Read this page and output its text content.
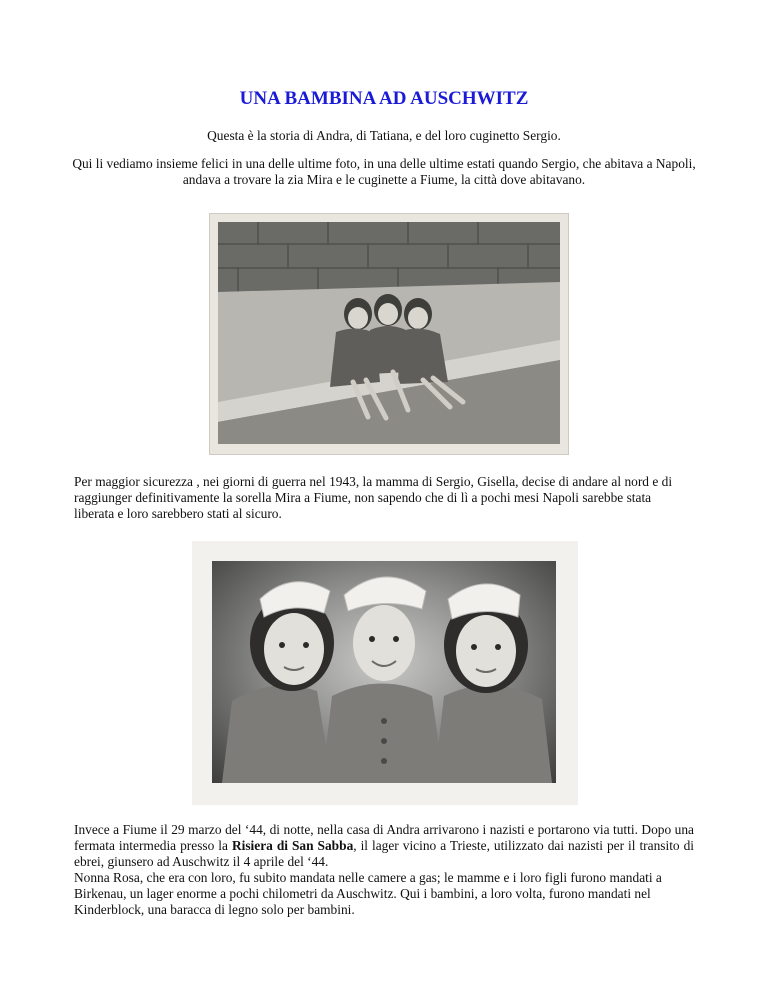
UNA BAMBINA AD AUSCHWITZ
Questa è la storia di Andra, di Tatiana, e del loro cuginetto Sergio.
Qui li vediamo insieme felici in una delle ultime foto, in una delle ultime estati quando Sergio, che abitava a Napoli, andava a trovare la zia Mira e le cuginette a Fiume, la città dove abitavano.
Per maggior sicurezza , nei giorni di guerra nel 1943, la mamma di Sergio, Gisella, decise di andare al nord e di raggiunger definitivamente la sorella Mira a Fiume, non sapendo che di lì a pochi mesi Napoli sarebbe stata liberata e loro sarebbero stati al sicuro.
Invece a Fiume il 29 marzo del ‘44, di notte, nella casa di Andra arrivarono i nazisti e portarono via tutti. Dopo una fermata intermedia presso la Risiera di San Sabba, il lager vicino a Trieste, utilizzato dai nazisti per il transito di ebrei, giunsero ad Auschwitz il 4 aprile del ‘44.
Nonna Rosa, che era con loro, fu subito mandata nelle camere a gas; le mamme e i loro figli furono mandati a Birkenau, un lager enorme a pochi chilometri da Auschwitz. Qui i bambini, a loro volta, furono mandati nel Kinderblock, una baracca di legno solo per bambini.
